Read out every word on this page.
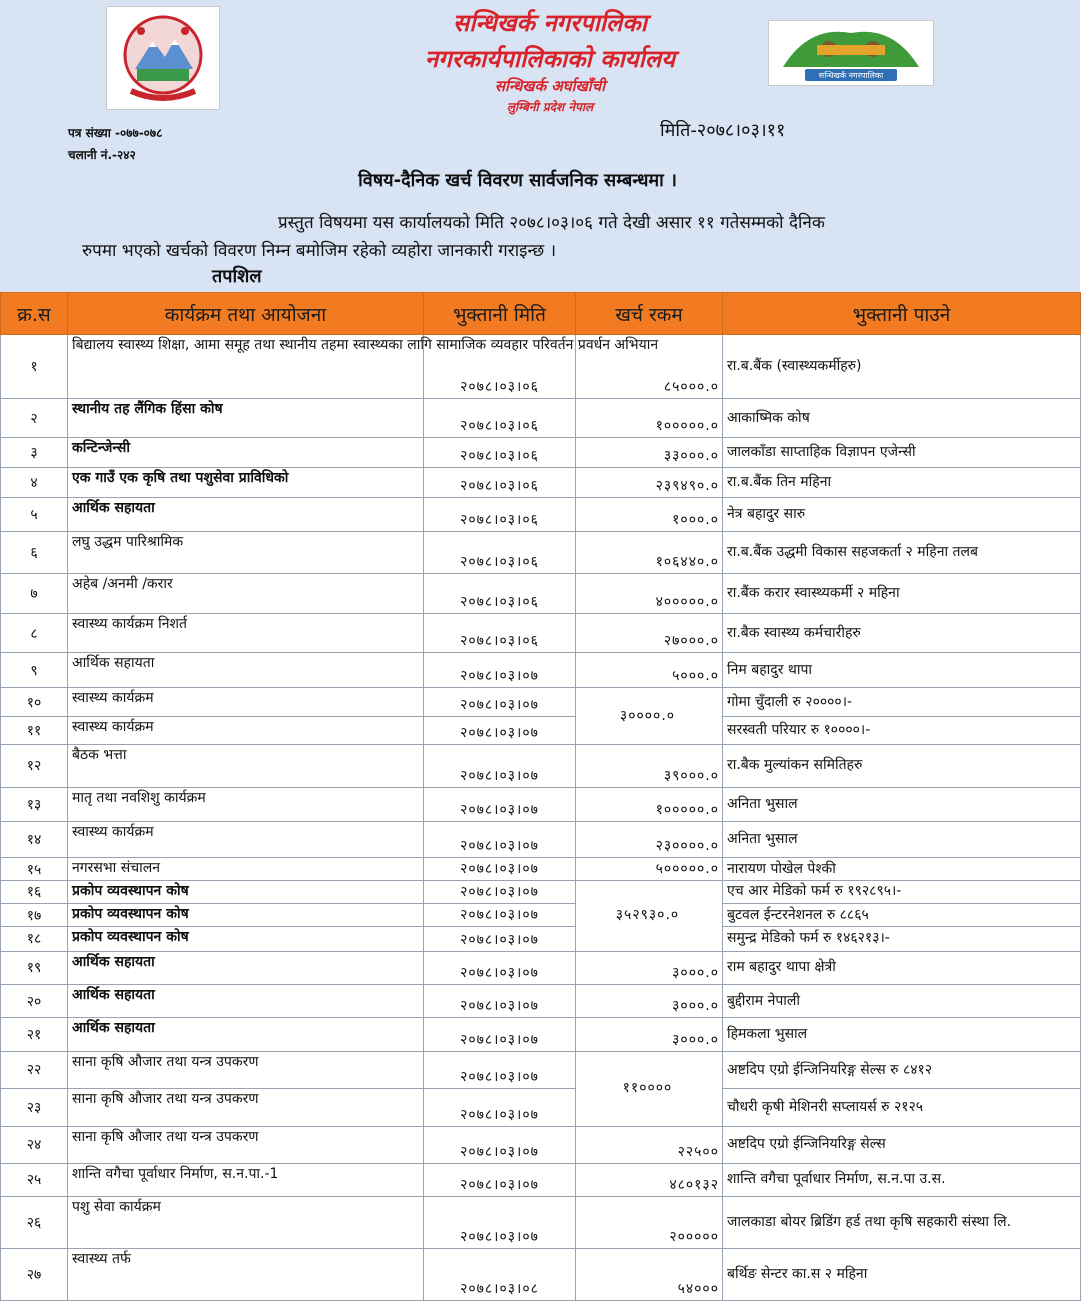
सन्धिखर्क नगरपालिका
नगरकार्यपालिकाको कार्यालय
सन्धिखर्क अर्घाखाँची
लुम्बिनी प्रदेश नेपाल
सन्धिखर्क नगरपालिका
पत्र संख्या -०७७-०७८
चलानी नं.-२४२
मिति-२०७८।०३।११
विषय-दैनिक खर्च विवरण सार्वजनिक सम्बन्धमा ।
प्रस्तुत विषयमा यस कार्यालयको मिति २०७८।०३।०६ गते देखी असार ११ गतेसम्मको दैनिक
रुपमा भएको खर्चको विवरण निम्न बमोजिम रहेको व्यहोरा जानकारी गराइन्छ ।
तपशिल
क्र.स	कार्यक्रम तथा आयोजना	भुक्तानी मिति	खर्च रकम	भुक्तानी पाउने
१	बिद्यालय स्वास्थ्य शिक्षा, आमा समूह तथा स्थानीय तहमा स्वास्थ्यका लागि सामाजिक व्यवहार परिवर्तन प्रवर्धन अभियान	२०७८।०३।०६	८५०००.०	रा.ब.बैंक (स्वास्थ्यकर्मीहरु)
२	स्थानीय तह लैंगिक हिंसा कोष	२०७८।०३।०६	१०००००.०	आकाष्मिक कोष
३	कन्टिन्जेन्सी	२०७८।०३।०६	३३०००.०	जालकाँडा साप्ताहिक विज्ञापन एजेन्सी
४	एक गाउँ एक कृषि तथा पशुसेवा प्राविधिको	२०७८।०३।०६	२३९४९०.०	रा.ब.बैंक तिन महिना
५	आर्थिक सहायता	२०७८।०३।०६	१०००.०	नेत्र बहादुर सारु
६	लघु उद्धम पारिश्रामिक	२०७८।०३।०६	१०६४४०.०	रा.ब.बैंक उद्धमी विकास सहजकर्ता २ महिना तलब
७	अहेब /अनमी /करार	२०७८।०३।०६	४०००००.०	रा.बैंक करार स्वास्थ्यकर्मी २ महिना
८	स्वास्थ्य कार्यक्रम निशर्त	२०७८।०३।०६	२७०००.०	रा.बैक स्वास्थ्य कर्मचारीहरु
९	आर्थिक सहायता	२०७८।०३।०७	५०००.०	निम बहादुर थापा
१०	स्वास्थ्य कार्यक्रम	२०७८।०३।०७	३००००.०	गोमा चुँदाली रु २००००।-
११	स्वास्थ्य कार्यक्रम	२०७८।०३।०७		सरस्वती परियार रु १००००।-
१२	बैठक भत्ता	२०७८।०३।०७	३९०००.०	रा.बैक मुल्यांकन समितिहरु
१३	मातृ तथा नवशिशु कार्यक्रम	२०७८।०३।०७	१०००००.०	अनिता भुसाल
१४	स्वास्थ्य कार्यक्रम	२०७८।०३।०७	२३००००.०	अनिता भुसाल
१५	नगरसभा संचालन	२०७८।०३।०७	५०००००.०	नारायण पोखेल पेश्की
१६	प्रकोप व्यवस्थापन कोष	२०७८।०३।०७	३५२९३०.०	एच आर मेडिको फर्म रु १९२८९५।-
१७	प्रकोप व्यवस्थापन कोष	२०७८।०३।०७		बुटवल ईन्टरनेशनल रु ८८६५
१८	प्रकोप व्यवस्थापन कोष	२०७८।०३।०७		समुन्द्र मेडिको फर्म रु १४६२१३।-
१९	आर्थिक सहायता	२०७८।०३।०७	३०००.०	राम बहादुर थापा क्षेत्री
२०	आर्थिक सहायता	२०७८।०३।०७	३०००.०	बुद्दीराम नेपाली
२१	आर्थिक सहायता	२०७८।०३।०७	३०००.०	हिमकला भुसाल
२२	साना कृषि औजार तथा यन्त्र उपकरण	२०७८।०३।०७	११००००	अष्टदिप एग्रो ईन्जिनियरिङ्ग सेल्स रु ८४१२
२३	साना कृषि औजार तथा यन्त्र उपकरण	२०७८।०३।०७		चौधरी कृषी मेशिनरी सप्लायर्स रु २१२५
२४	साना कृषि औजार तथा यन्त्र उपकरण	२०७८।०३।०७	२२५००	अष्टदिप एग्रो ईन्जिनियरिङ्ग सेल्स
२५	शान्ति वगैचा पूर्वाधार निर्माण, स.न.पा.-1	२०७८।०३।०७	४८०१३२	शान्ति वगैचा पूर्वाधार निर्माण, स.न.पा उ.स.
२६	पशु सेवा कार्यक्रम	२०७८।०३।०७	२०००००	जालकाडा बोयर ब्रिडिंग हर्ड तथा कृषि सहकारी संस्था लि.
२७	स्वास्थ्य तर्फ	२०७८।०३।०८	५४०००	बर्थिङ सेन्टर का.स २ महिना
